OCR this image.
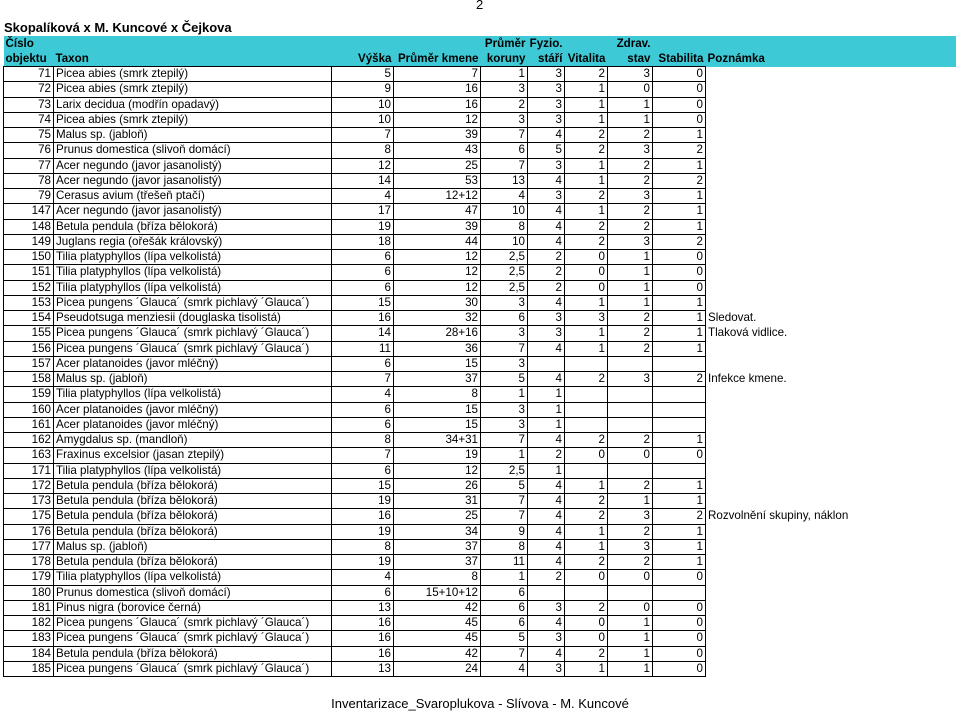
2
Skopalíková x M. Kuncové x Čejkova
Číslo				Průměr	Fyzio.		Zdrav.		
objektu	Taxon	Výška	Průměr kmene	koruny	stáří	Vitalita	stav	Stabilita	Poznámka
71	Picea abies (smrk ztepilý)	5	7	1	3	2	3	0	
72	Picea abies (smrk ztepilý)	9	16	3	3	1	0	0	
73	Larix decidua (modřín opadavý)	10	16	2	3	1	1	0	
74	Picea abies (smrk ztepilý)	10	12	3	3	1	1	0	
75	Malus sp. (jabloň)	7	39	7	4	2	2	1	
76	Prunus domestica (slivoň domácí)	8	43	6	5	2	3	2	
77	Acer negundo (javor jasanolistý)	12	25	7	3	1	2	1	
78	Acer negundo (javor jasanolistý)	14	53	13	4	1	2	2	
79	Cerasus avium (třešeň ptačí)	4	12+12	4	3	2	3	1	
147	Acer negundo (javor jasanolistý)	17	47	10	4	1	2	1	
148	Betula pendula (bříza bělokorá)	19	39	8	4	2	2	1	
149	Juglans regia (ořešák královský)	18	44	10	4	2	3	2	
150	Tilia platyphyllos (lípa velkolistá)	6	12	2,5	2	0	1	0	
151	Tilia platyphyllos (lípa velkolistá)	6	12	2,5	2	0	1	0	
152	Tilia platyphyllos (lípa velkolistá)	6	12	2,5	2	0	1	0	
153	Picea pungens ´Glauca´ (smrk pichlavý ´Glauca´)	15	30	3	4	1	1	1	
154	Pseudotsuga menziesii (douglaska tisolistá)	16	32	6	3	3	2	1	Sledovat.
155	Picea pungens ´Glauca´ (smrk pichlavý ´Glauca´)	14	28+16	3	3	1	2	1	Tlaková vidlice.
156	Picea pungens ´Glauca´ (smrk pichlavý ´Glauca´)	11	36	7	4	1	2	1	
157	Acer platanoides (javor mléčný)	6	15	3					
158	Malus sp. (jabloň)	7	37	5	4	2	3	2	Infekce kmene.
159	Tilia platyphyllos (lípa velkolistá)	4	8	1	1				
160	Acer platanoides (javor mléčný)	6	15	3	1				
161	Acer platanoides (javor mléčný)	6	15	3	1				
162	Amygdalus sp. (mandloň)	8	34+31	7	4	2	2	1	
163	Fraxinus excelsior (jasan ztepilý)	7	19	1	2	0	0	0	
171	Tilia platyphyllos (lípa velkolistá)	6	12	2,5	1				
172	Betula pendula (bříza bělokorá)	15	26	5	4	1	2	1	
173	Betula pendula (bříza bělokorá)	19	31	7	4	2	1	1	
175	Betula pendula (bříza bělokorá)	16	25	7	4	2	3	2	Rozvolnění skupiny, náklon
176	Betula pendula (bříza bělokorá)	19	34	9	4	1	2	1	
177	Malus sp. (jabloň)	8	37	8	4	1	3	1	
178	Betula pendula (bříza bělokorá)	19	37	11	4	2	2	1	
179	Tilia platyphyllos (lípa velkolistá)	4	8	1	2	0	0	0	
180	Prunus domestica (slivoň domácí)	6	15+10+12	6					
181	Pinus nigra (borovice černá)	13	42	6	3	2	0	0	
182	Picea pungens ´Glauca´ (smrk pichlavý ´Glauca´)	16	45	6	4	0	1	0	
183	Picea pungens ´Glauca´ (smrk pichlavý ´Glauca´)	16	45	5	3	0	1	0	
184	Betula pendula (bříza bělokorá)	16	42	7	4	2	1	0	
185	Picea pungens ´Glauca´ (smrk pichlavý ´Glauca´)	13	24	4	3	1	1	0	
Inventarizace_Svaroplukova - Slívova - M. Kuncové
